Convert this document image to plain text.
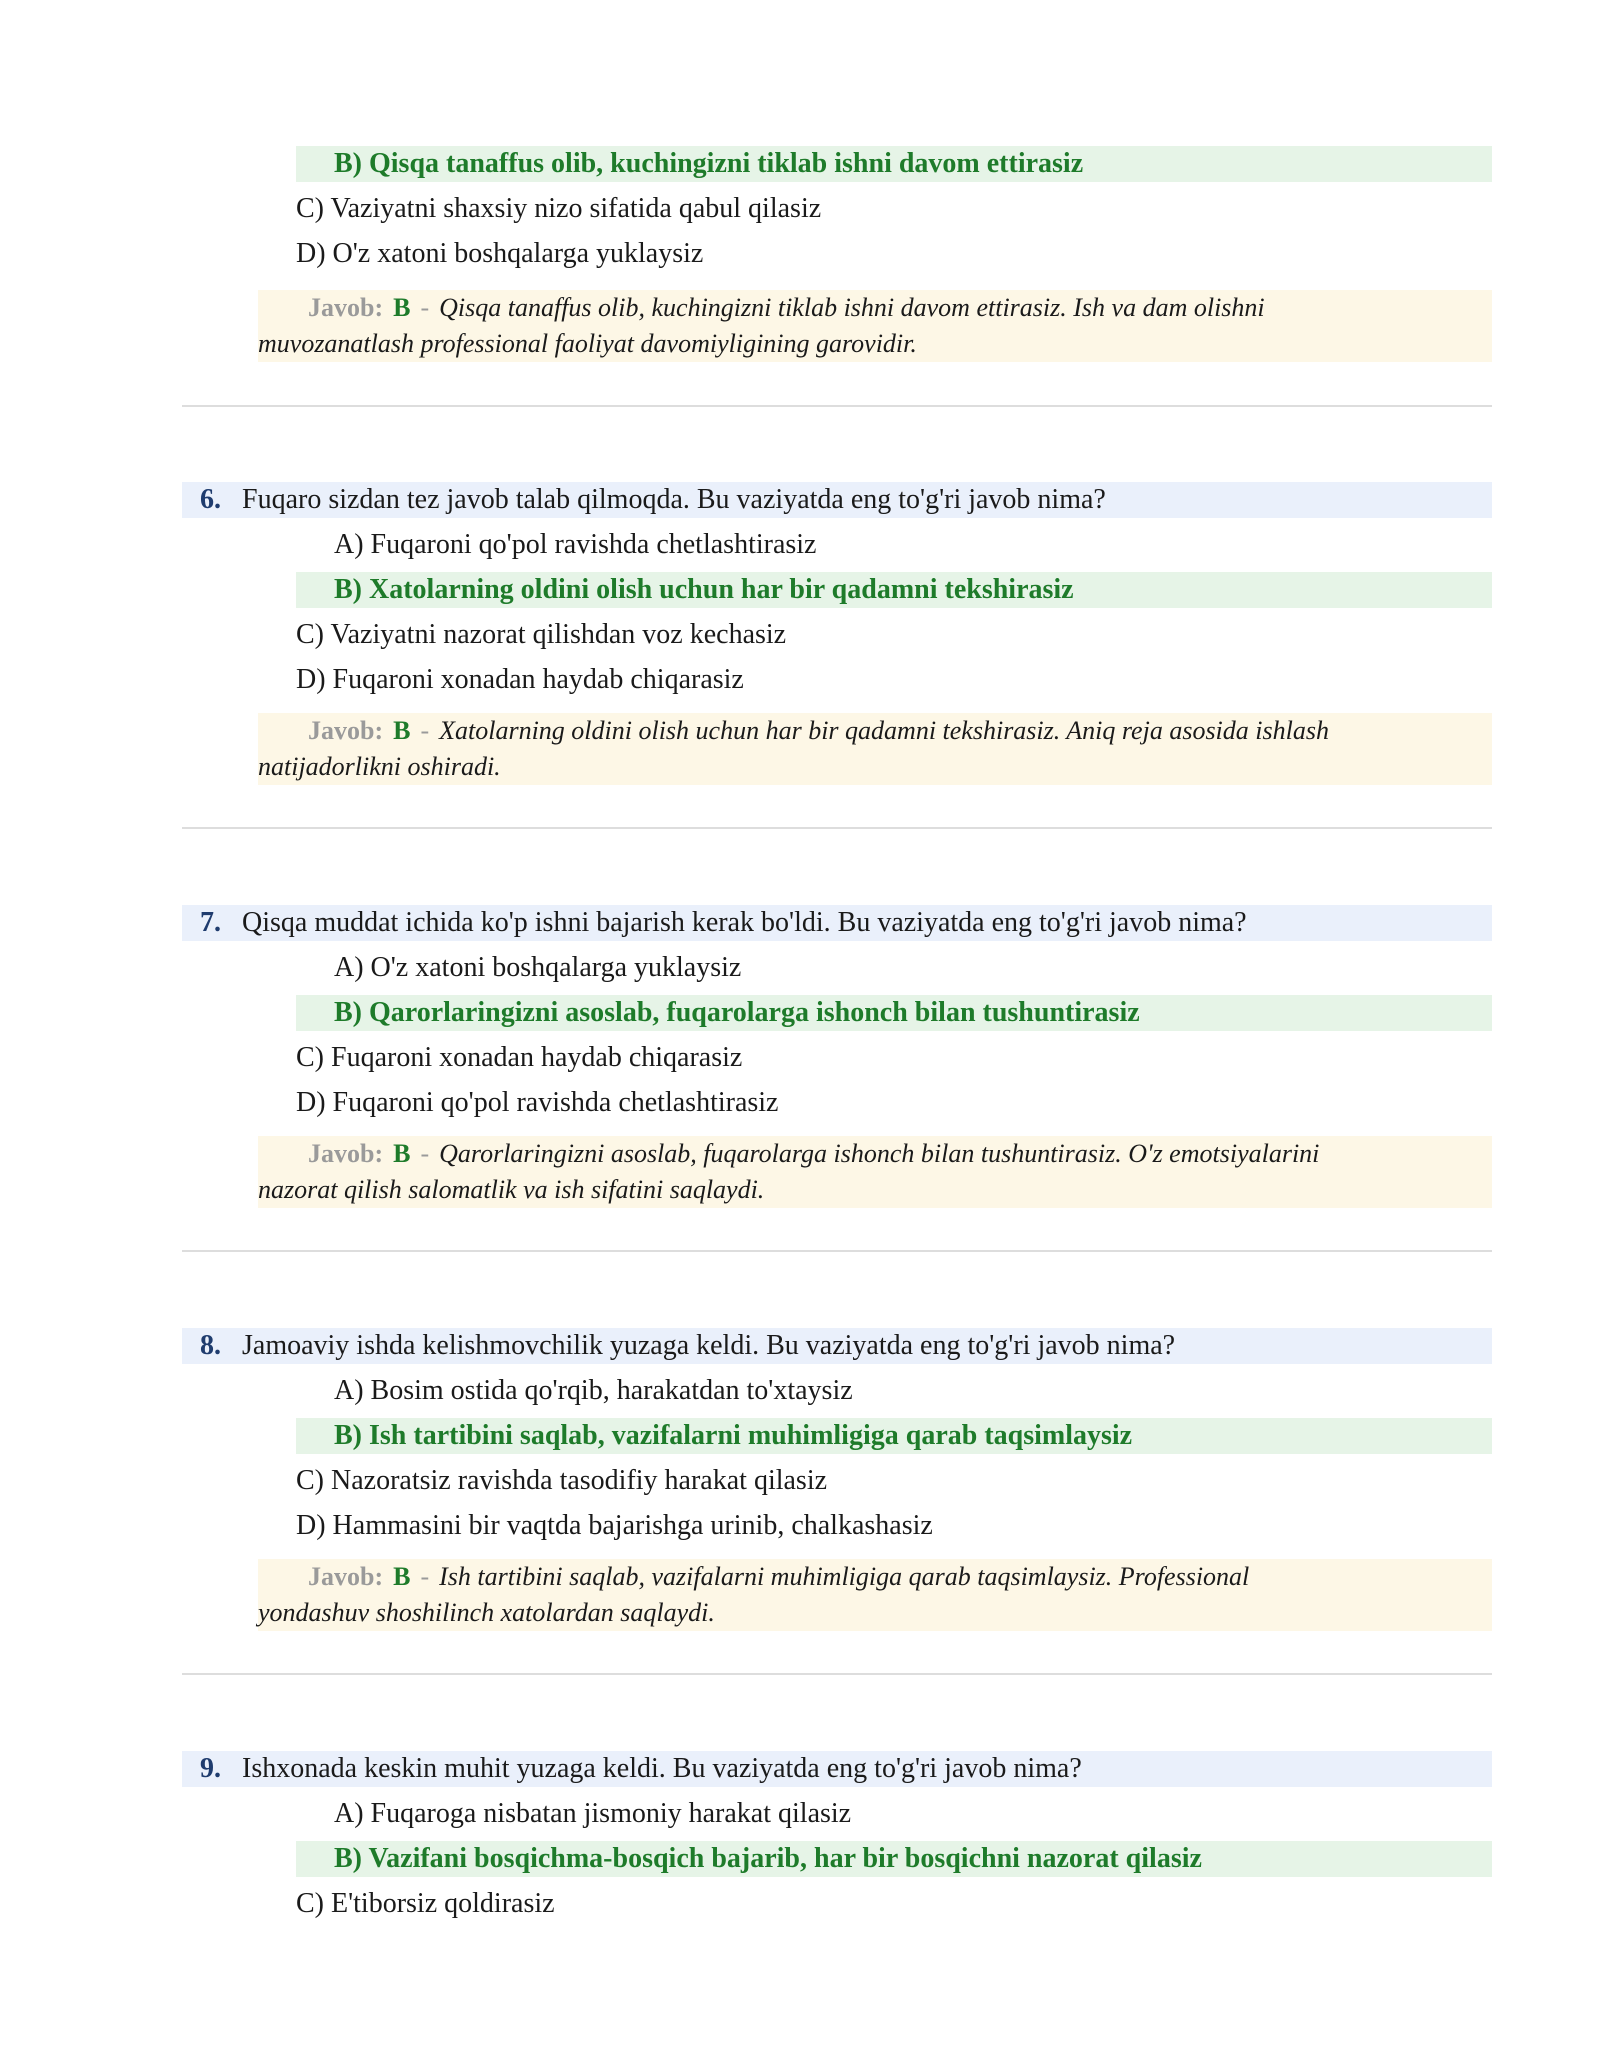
B) Qisqa tanaffus olib, kuchingizni tiklab ishni davom ettirasiz
C) Vaziyatni shaxsiy nizo sifatida qabul qilasiz
D) O'z xatoni boshqalarga yuklaysiz
Javob: B - Qisqa tanaffus olib, kuchingizni tiklab ishni davom ettirasiz. Ish va dam olishni
muvozanatlash professional faoliyat davomiyligining garovidir.
6. Fuqaro sizdan tez javob talab qilmoqda. Bu vaziyatda eng to'g'ri javob nima?
A) Fuqaroni qo'pol ravishda chetlashtirasiz
B) Xatolarning oldini olish uchun har bir qadamni tekshirasiz
C) Vaziyatni nazorat qilishdan voz kechasiz
D) Fuqaroni xonadan haydab chiqarasiz
Javob: B - Xatolarning oldini olish uchun har bir qadamni tekshirasiz. Aniq reja asosida ishlash
natijadorlikni oshiradi.
7. Qisqa muddat ichida ko'p ishni bajarish kerak bo'ldi. Bu vaziyatda eng to'g'ri javob nima?
A) O'z xatoni boshqalarga yuklaysiz
B) Qarorlaringizni asoslab, fuqarolarga ishonch bilan tushuntirasiz
C) Fuqaroni xonadan haydab chiqarasiz
D) Fuqaroni qo'pol ravishda chetlashtirasiz
Javob: B - Qarorlaringizni asoslab, fuqarolarga ishonch bilan tushuntirasiz. O'z emotsiyalarini
nazorat qilish salomatlik va ish sifatini saqlaydi.
8. Jamoaviy ishda kelishmovchilik yuzaga keldi. Bu vaziyatda eng to'g'ri javob nima?
A) Bosim ostida qo'rqib, harakatdan to'xtaysiz
B) Ish tartibini saqlab, vazifalarni muhimligiga qarab taqsimlaysiz
C) Nazoratsiz ravishda tasodifiy harakat qilasiz
D) Hammasini bir vaqtda bajarishga urinib, chalkashasiz
Javob: B - Ish tartibini saqlab, vazifalarni muhimligiga qarab taqsimlaysiz. Professional
yondashuv shoshilinch xatolardan saqlaydi.
9. Ishxonada keskin muhit yuzaga keldi. Bu vaziyatda eng to'g'ri javob nima?
A) Fuqaroga nisbatan jismoniy harakat qilasiz
B) Vazifani bosqichma-bosqich bajarib, har bir bosqichni nazorat qilasiz
C) E'tiborsiz qoldirasiz
